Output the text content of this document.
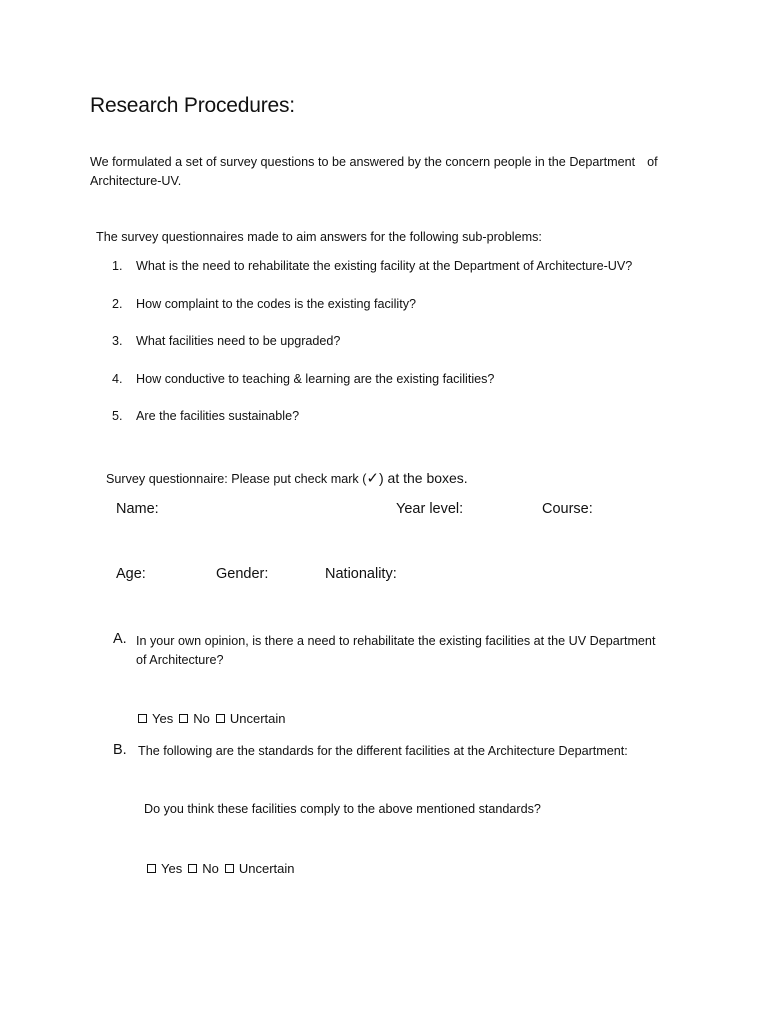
Research Procedures:
We formulated a set of survey questions to be answered by the concern people in the Department of
Architecture-UV.
The survey questionnaires made to aim answers for the following sub-problems:
1. What is the need to rehabilitate the existing facility at the Department of Architecture-UV?
2. How complaint to the codes is the existing facility?
3. What facilities need to be upgraded?
4. How conductive to teaching & learning are the existing facilities?
5. Are the facilities sustainable?
Survey questionnaire: Please put check mark (✓) at the boxes.
Name:	Year level:	Course:
Age:	Gender:	Nationality:
A. In your own opinion, is there a need to rehabilitate the existing facilities at the UV Department
of Architecture?
Yes No Uncertain
B. The following are the standards for the different facilities at the Architecture Department:
Do you think these facilities comply to the above mentioned standards?
Yes No Uncertain
